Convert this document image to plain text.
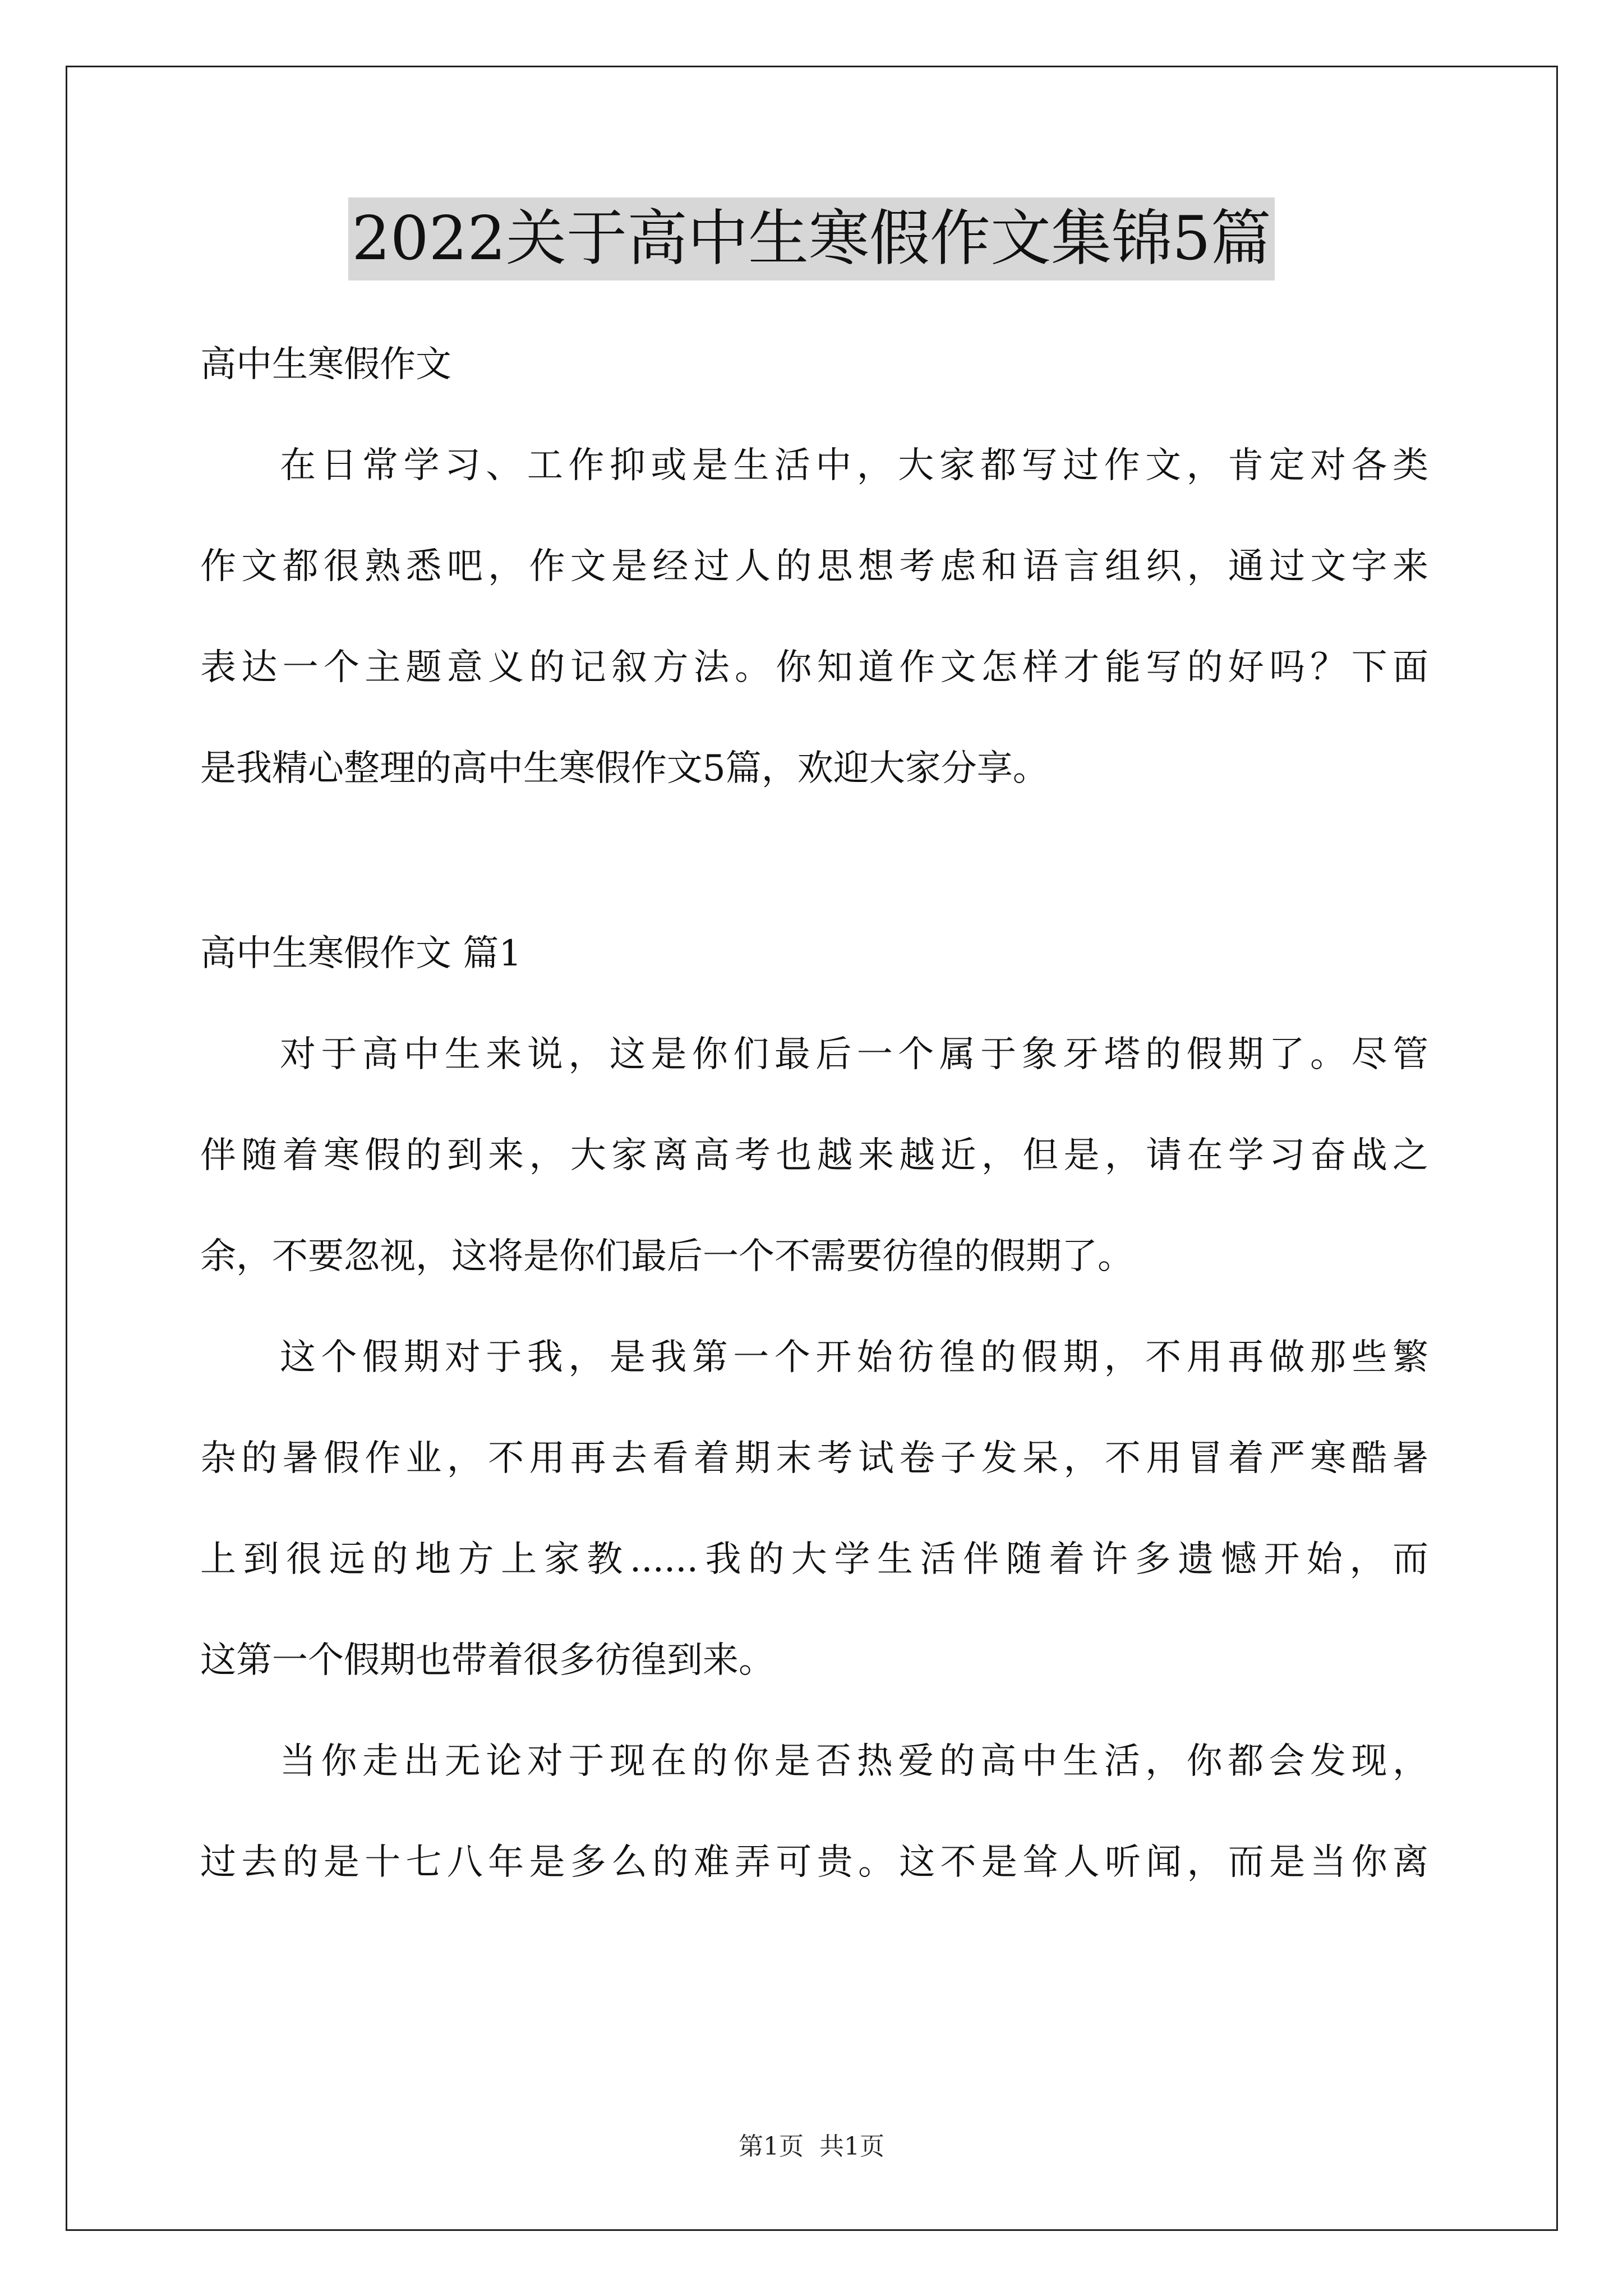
2022关于高中生寒假作文集锦5篇
高中生寒假作文
在日常学习、工作抑或是生活中，大家都写过作文，肯定对各类
作文都很熟悉吧，作文是经过人的思想考虑和语言组织，通过文字来
表达一个主题意义的记叙方法。你知道作文怎样才能写的好吗？下面
是我精心整理的高中生寒假作文5篇，欢迎大家分享。
高中生寒假作文 篇1
对于高中生来说，这是你们最后一个属于象牙塔的假期了。尽管
伴随着寒假的到来，大家离高考也越来越近，但是，请在学习奋战之
余，不要忽视，这将是你们最后一个不需要彷徨的假期了。
这个假期对于我，是我第一个开始彷徨的假期，不用再做那些繁
杂的暑假作业，不用再去看着期末考试卷子发呆，不用冒着严寒酷暑
上到很远的地方上家教......我的大学生活伴随着许多遗憾开始，而
这第一个假期也带着很多彷徨到来。
当你走出无论对于现在的你是否热爱的高中生活，你都会发现，
过去的是十七八年是多么的难弄可贵。这不是耸人听闻，而是当你离
第1页 共1页
